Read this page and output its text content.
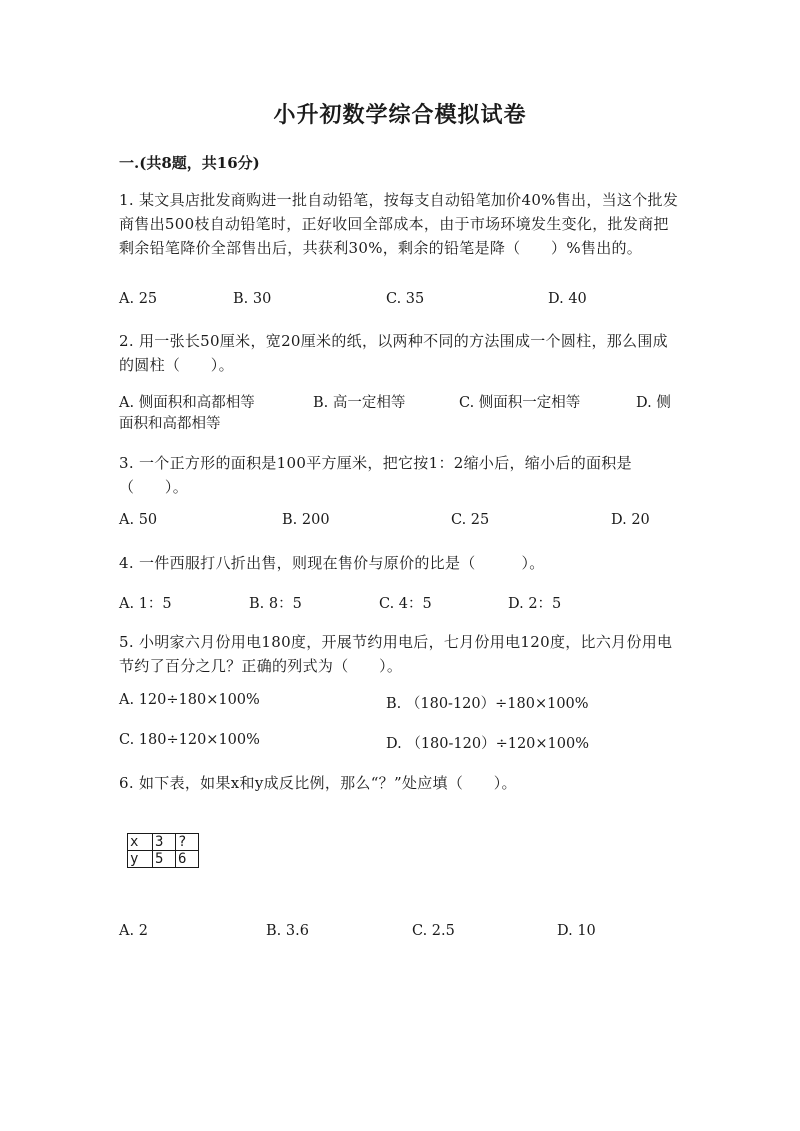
小升初数学综合模拟试卷
一.(共8题，共16分)
1. 某文具店批发商购进一批自动铅笔，按每支自动铅笔加价40%售出，当这个批发商售出500枝自动铅笔时，正好收回全部成本，由于市场环境发生变化，批发商把剩余铅笔降价全部售出后，共获利30%，剩余的铅笔是降（　　）%售出的。
A. 25	B. 30	C. 35	D. 40
2. 用一张长50厘米，宽20厘米的纸，以两种不同的方法围成一个圆柱，那么围成的圆柱（　　）。
A. 侧面积和高都相等	B. 高一定相等	C. 侧面积一定相等	D. 侧
面积和高都相等
3. 一个正方形的面积是100平方厘米，把它按1：2缩小后，缩小后的面积是（　　）。
A. 50	B. 200	C. 25	D. 20
4. 一件西服打八折出售，则现在售价与原价的比是（　　　）。
A. 1：5	B. 8：5	C. 4：5	D. 2：5
5. 小明家六月份用电180度，开展节约用电后，七月份用电120度，比六月份用电节约了百分之几？正确的列式为（　　）。
A. 120÷180×100%	B. （180-120）÷180×100%
C. 180÷120×100%	D. （180-120）÷120×100%
6. 如下表，如果x和y成反比例，那么“？”处应填（　　）。
x	3	?
y	5	6
A. 2	B. 3.6	C. 2.5	D. 10
